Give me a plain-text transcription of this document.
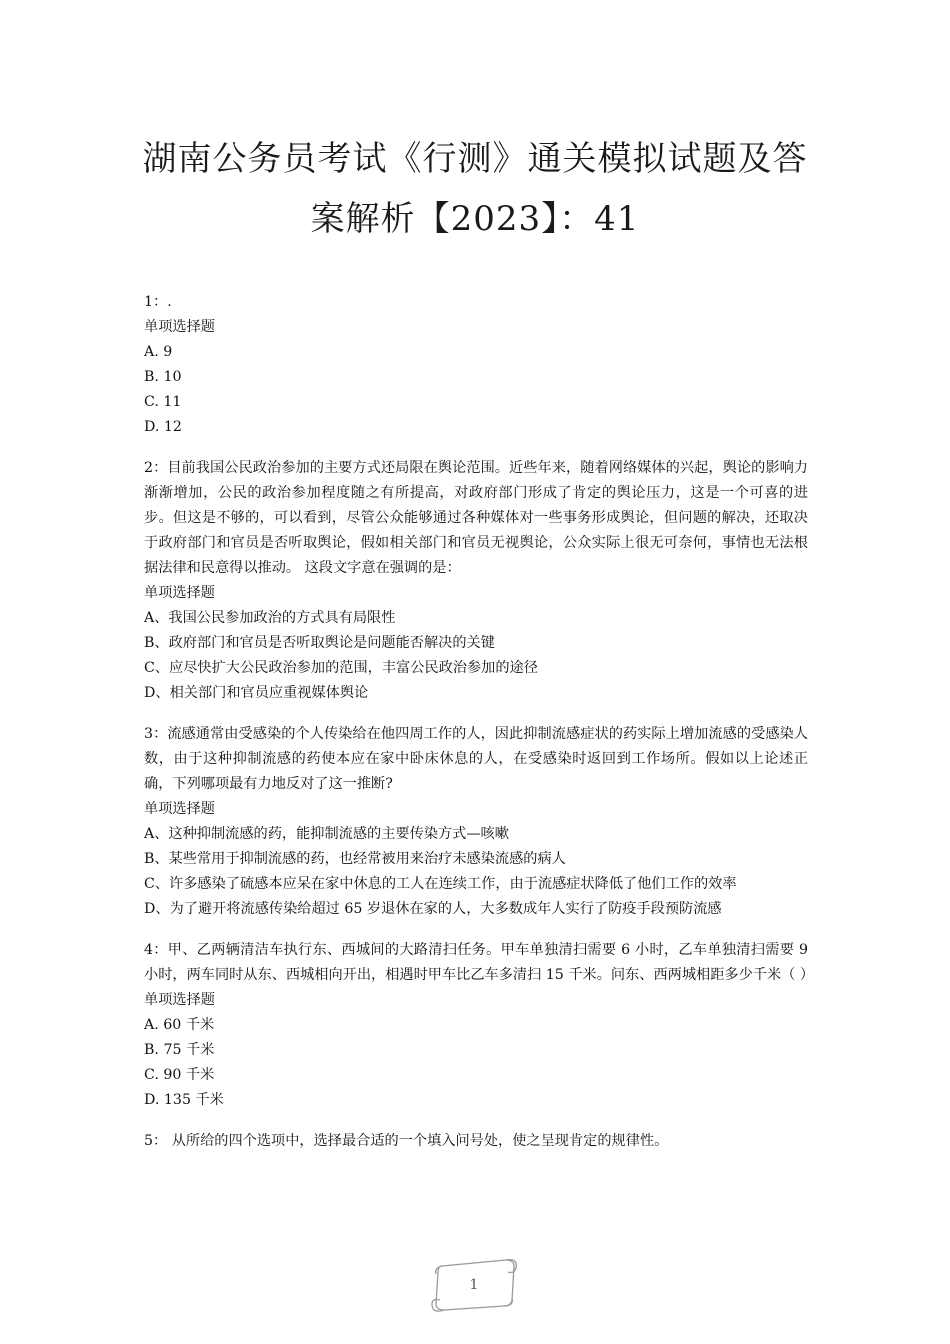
湖南公务员考试《行测》通关模拟试题及答
案解析【2023】：41

1：.

单项选择题

A. 9

B. 10

C. 11

D. 12

2：目前我国公民政治参加的主要方式还局限在舆论范围。近些年来，随着网络媒体的兴起，舆论的影响力渐渐增加，公民的政治参加程度随之有所提高，对政府部门形成了肯定的舆论压力，这是一个可喜的进步。但这是不够的，可以看到，尽管公众能够通过各种媒体对一些事务形成舆论，但问题的解决，还取决于政府部门和官员是否听取舆论，假如相关部门和官员无视舆论，公众实际上很无可奈何，事情也无法根据法律和民意得以推动。 这段文字意在强调的是：

单项选择题

A、我国公民参加政治的方式具有局限性

B、政府部门和官员是否听取舆论是问题能否解决的关键

C、应尽快扩大公民政治参加的范围，丰富公民政治参加的途径

D、相关部门和官员应重视媒体舆论

3：流感通常由受感染的个人传染给在他四周工作的人，因此抑制流感症状的药实际上增加流感的受感染人数，由于这种抑制流感的药使本应在家中卧床休息的人，在受感染时返回到工作场所。假如以上论述正确，下列哪项最有力地反对了这一推断?

单项选择题

A、这种抑制流感的药，能抑制流感的主要传染方式—咳嗽

B、某些常用于抑制流感的药，也经常被用来治疗未感染流感的病人

C、许多感染了硫感本应呆在家中休息的工人在连续工作，由于流感症状降低了他们工作的效率

D、为了避开将流感传染给超过 65 岁退休在家的人，大多数成年人实行了防疫手段预防流感

4：甲、乙两辆清洁车执行东、西城间的大路清扫任务。甲车单独清扫需要 6 小时，乙车单独清扫需要 9 小时，两车同时从东、西城相向开出，相遇时甲车比乙车多清扫 15 千米。问东、西两城相距多少千米（ ）

单项选择题

A. 60 千米

B. 75 千米

C. 90 千米

D. 135 千米

5： 从所给的四个选项中，选择最合适的一个填入问号处，使之呈现肯定的规律性。

1
